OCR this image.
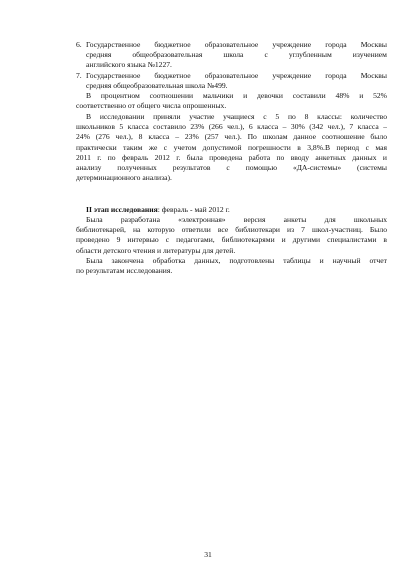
6. Государственное бюджетное образовательное учреждение города Москвы
средняя общеобразовательная школа с углубленным изучением
английского языка №1227.
7. Государственное бюджетное образовательное учреждение города Москвы
средняя общеобразовательная школа №499.
В процентном соотношении мальчики и девочки составили 48% и 52%
соответственно от общего числа опрошенных.
В исследовании приняли участие учащиеся с 5 по 8 классы: количество
школьников 5 класса составило 23% (266 чел.), 6 класса – 30% (342 чел.), 7 класса –
24% (276 чел.), 8 класса – 23% (257 чел.). По школам данное соотношение было
практически таким же с учетом допустимой погрешности в 3,8%.В период с мая
2011 г. по февраль 2012 г. была проведена работа по вводу анкетных данных и
анализу полученных результатов с помощью «ДА-системы» (системы
детерминационного анализа).
II этап исследования: февраль - май 2012 г.
Была разработана «электронная» версия анкеты для школьных
библиотекарей, на которую ответили все библиотекари из 7 школ-участниц. Было
проведено 9 интервью с педагогами, библиотекарями и другими специалистами в
области детского чтения и литературы для детей.
Была закончена обработка данных, подготовлены таблицы и научный отчет
по результатам исследования.
31
